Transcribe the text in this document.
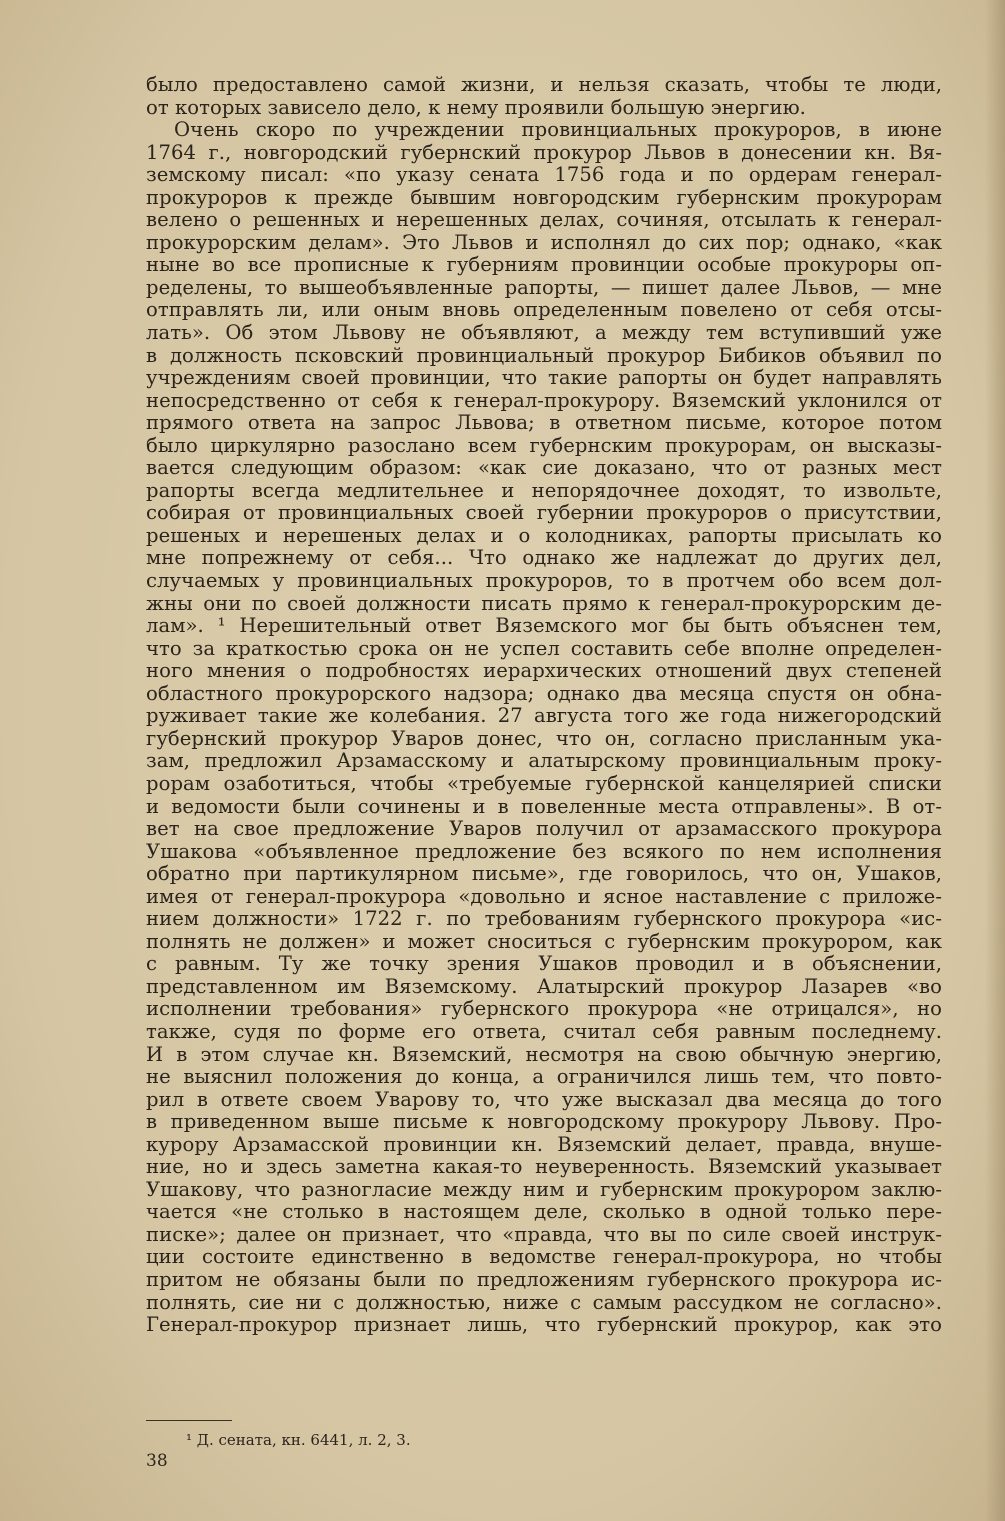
было предоставлено самой жизни, и нельзя сказать, чтобы те люди,
от которых зависело дело, к нему проявили большую энергию.
Очень скоро по учреждении провинциальных прокуроров, в июне
1764 г., новгородский губернский прокурор Львов в донесении кн. Вя-
земскому писал: «по указу сената 1756 года и по ордерам генерал-
прокуроров к прежде бывшим новгородским губернским прокурорам
велено о решенных и нерешенных делах, сочиняя, отсылать к генерал-
прокурорским делам». Это Львов и исполнял до сих пор; однако, «как
ныне во все прописные к губерниям провинции особые прокуроры оп-
ределены, то вышеобъявленные рапорты, — пишет далее Львов, — мне
отправлять ли, или оным вновь определенным повелено от себя отсы-
лать». Об этом Львову не объявляют, а между тем вступивший уже
в должность псковский провинциальный прокурор Бибиков объявил по
учреждениям своей провинции, что такие рапорты он будет направлять
непосредственно от себя к генерал-прокурору. Вяземский уклонился от
прямого ответа на запрос Львова; в ответном письме, которое потом
было циркулярно разослано всем губернским прокурорам, он высказы-
вается следующим образом: «как сие доказано, что от разных мест
рапорты всегда медлительнее и непорядочнее доходят, то извольте,
собирая от провинциальных своей губернии прокуроров о присутствии,
решеных и нерешеных делах и о колодниках, рапорты присылать ко
мне попрежнему от себя... Что однако же надлежат до других дел,
случаемых у провинциальных прокуроров, то в протчем обо всем дол-
жны они по своей должности писать прямо к генерал-прокурорским де-
лам». ¹ Нерешительный ответ Вяземского мог бы быть объяснен тем,
что за краткостью срока он не успел составить себе вполне определен-
ного мнения о подробностях иерархических отношений двух степеней
областного прокурорского надзора; однако два месяца спустя он обна-
руживает такие же колебания. 27 августа того же года нижегородский
губернский прокурор Уваров донес, что он, согласно присланным ука-
зам, предложил Арзамасскому и алатырскому провинциальным проку-
рорам озаботиться, чтобы «требуемые губернской канцелярией списки
и ведомости были сочинены и в повеленные места отправлены». В от-
вет на свое предложение Уваров получил от арзамасского прокурора
Ушакова «объявленное предложение без всякого по нем исполнения
обратно при партикулярном письме», где говорилось, что он, Ушаков,
имея от генерал-прокурора «довольно и ясное наставление с приложе-
нием должности» 1722 г. по требованиям губернского прокурора «ис-
полнять не должен» и может сноситься с губернским прокурором, как
с равным. Ту же точку зрения Ушаков проводил и в объяснении,
представленном им Вяземскому. Алатырский прокурор Лазарев «во
исполнении требования» губернского прокурора «не отрицался», но
также, судя по форме его ответа, считал себя равным последнему.
И в этом случае кн. Вяземский, несмотря на свою обычную энергию,
не выяснил положения до конца, а ограничился лишь тем, что повто-
рил в ответе своем Уварову то, что уже высказал два месяца до того
в приведенном выше письме к новгородскому прокурору Львову. Про-
курору Арзамасской провинции кн. Вяземский делает, правда, внуше-
ние, но и здесь заметна какая-то неуверенность. Вяземский указывает
Ушакову, что разногласие между ним и губернским прокурором заклю-
чается «не столько в настоящем деле, сколько в одной только пере-
писке»; далее он признает, что «правда, что вы по силе своей инструк-
ции состоите единственно в ведомстве генерал-прокурора, но чтобы
притом не обязаны были по предложениям губернского прокурора ис-
полнять, сие ни с должностью, ниже с самым рассудком не согласно».
Генерал-прокурор признает лишь, что губернский прокурор, как это
¹ Д. сената, кн. 6441, л. 2, 3.
38
